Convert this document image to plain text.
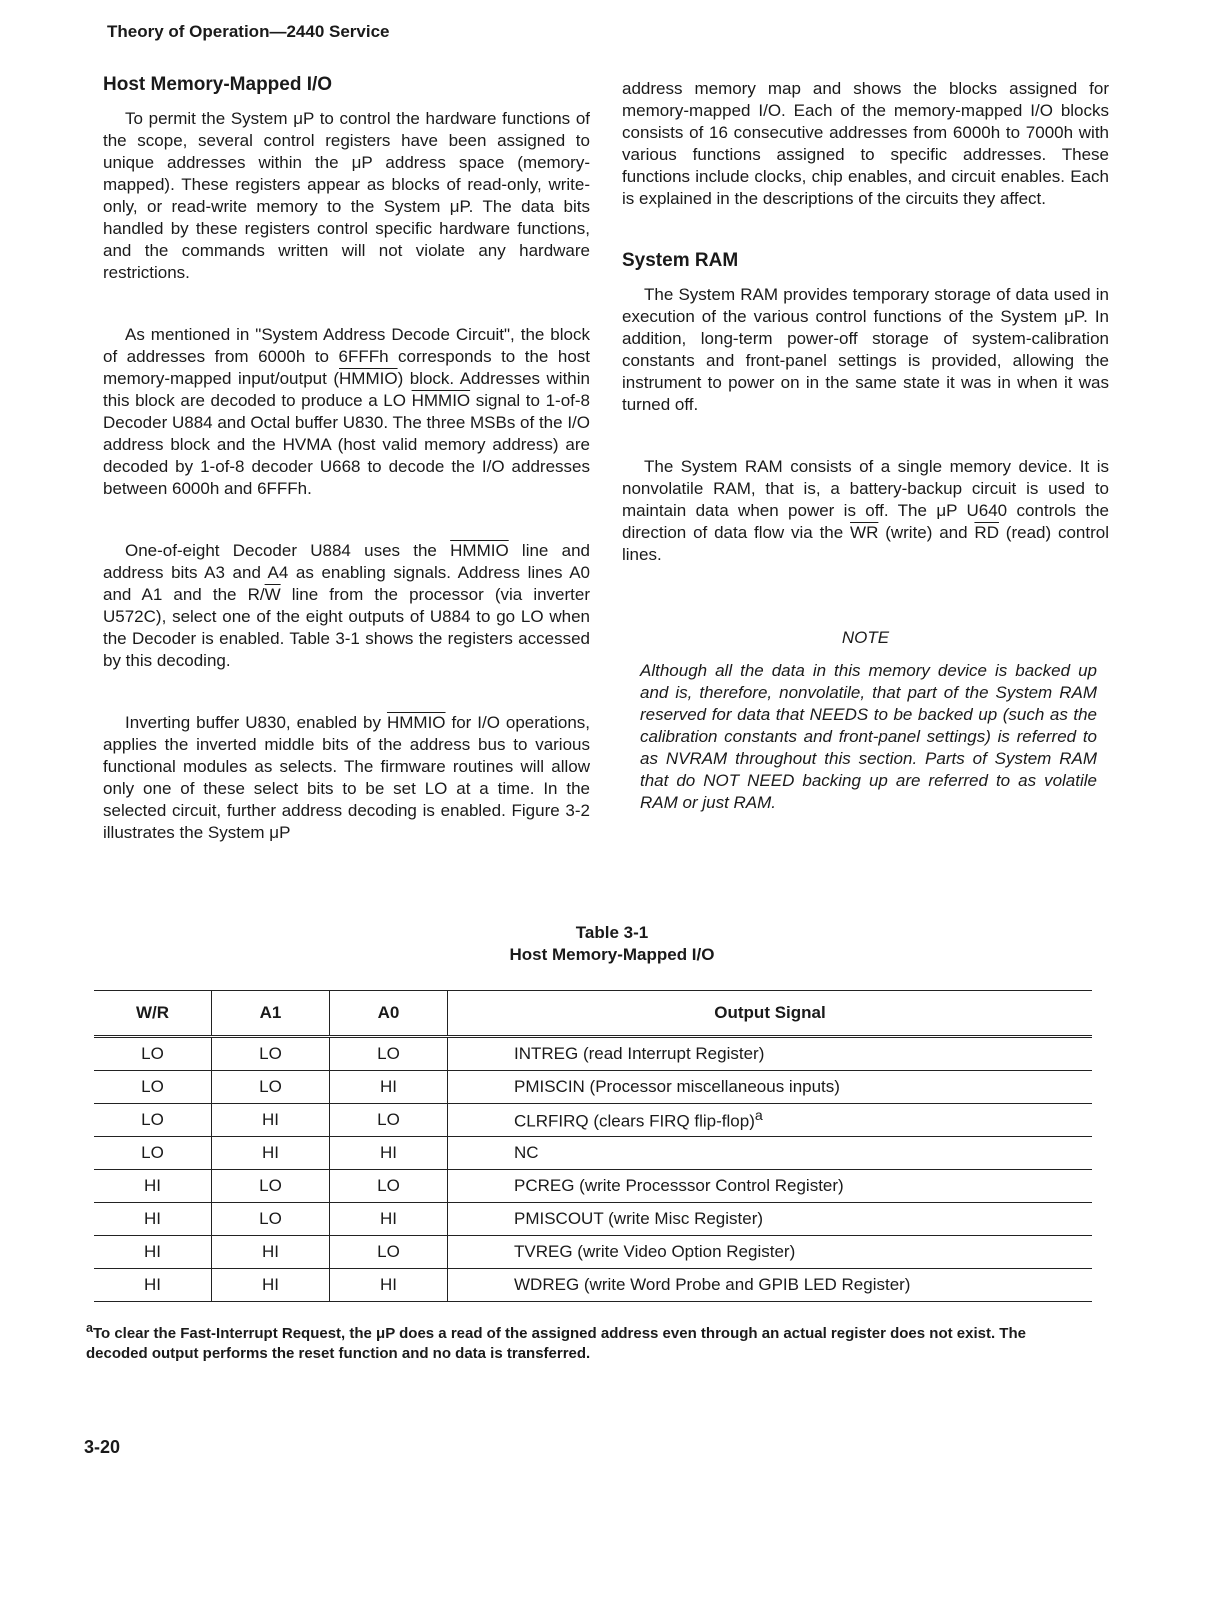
Theory of Operation—2440 Service
Host Memory-Mapped I/O

To permit the System μP to control the hardware functions of the scope, several control registers have been assigned to unique addresses within the μP address space (memory-mapped). These registers appear as blocks of read-only, write-only, or read-write memory to the System μP. The data bits handled by these registers control specific hardware functions, and the commands written will not violate any hardware restrictions.

As mentioned in "System Address Decode Circuit", the block of addresses from 6000h to 6FFFh corresponds to the host memory-mapped input/output (HMMIO) block. Addresses within this block are decoded to produce a LO HMMIO signal to 1-of-8 Decoder U884 and Octal buffer U830. The three MSBs of the I/O address block and the HVMA (host valid memory address) are decoded by 1-of-8 decoder U668 to decode the I/O addresses between 6000h and 6FFFh.

One-of-eight Decoder U884 uses the HMMIO line and address bits A3 and A4 as enabling signals. Address lines A0 and A1 and the $R/\overline{W}$ line from the processor (via inverter U572C), select one of the eight outputs of U884 to go LO when the Decoder is enabled. Table 3-1 shows the registers accessed by this decoding.

Inverting buffer U830, enabled by HMMIO for I/O operations, applies the inverted middle bits of the address bus to various functional modules as selects. The firmware routines will allow only one of these select bits to be set LO at a time. In the selected circuit, further address decoding is enabled. Figure 3-2 illustrates the System μP

address memory map and shows the blocks assigned for memory-mapped I/O. Each of the memory-mapped I/O blocks consists of 16 consecutive addresses from 6000h to 7000h with various functions assigned to specific addresses. These functions include clocks, chip enables, and circuit enables. Each is explained in the descriptions of the circuits they affect.

System RAM

The System RAM provides temporary storage of data used in execution of the various control functions of the System μP. In addition, long-term power-off storage of system-calibration constants and front-panel settings is provided, allowing the instrument to power on in the same state it was in when it was turned off.

The System RAM consists of a single memory device. It is nonvolatile RAM, that is, a battery-backup circuit is used to maintain data when power is off. The μP U640 controls the direction of data flow via the $\overline{WR}$ (write) and $\overline{RD}$ (read) control lines.

NOTE

Although all the data in this memory device is backed up and is, therefore, nonvolatile, that part of the System RAM reserved for data that NEEDS to be backed up (such as the calibration constants and front-panel settings) is referred to as NVRAM throughout this section. Parts of System RAM that do NOT NEED backing up are referred to as volatile RAM or just RAM.

Table 3-1
Host Memory-Mapped I/O
W/R	A1	A0	Output Signal
LO	LO	LO	INTREG (read Interrupt Register)
LO	LO	HI	PMISCIN (Processor miscellaneous inputs)
LO	HI	LO	CLRFIRQ (clears FIRQ flip-flop)$^a$
LO	HI	HI	NC
HI	LO	LO	PCREG (write Processsor Control Register)
HI	LO	HI	PMISCOUT (write Misc Register)
HI	HI	LO	TVREG (write Video Option Register)
HI	HI	HI	WDREG (write Word Probe and GPIB LED Register)
$^a$To clear the Fast-Interrupt Request, the μP does a read of the assigned address even through an actual register does not exist. The decoded output performs the reset function and no data is transferred.
3-20
